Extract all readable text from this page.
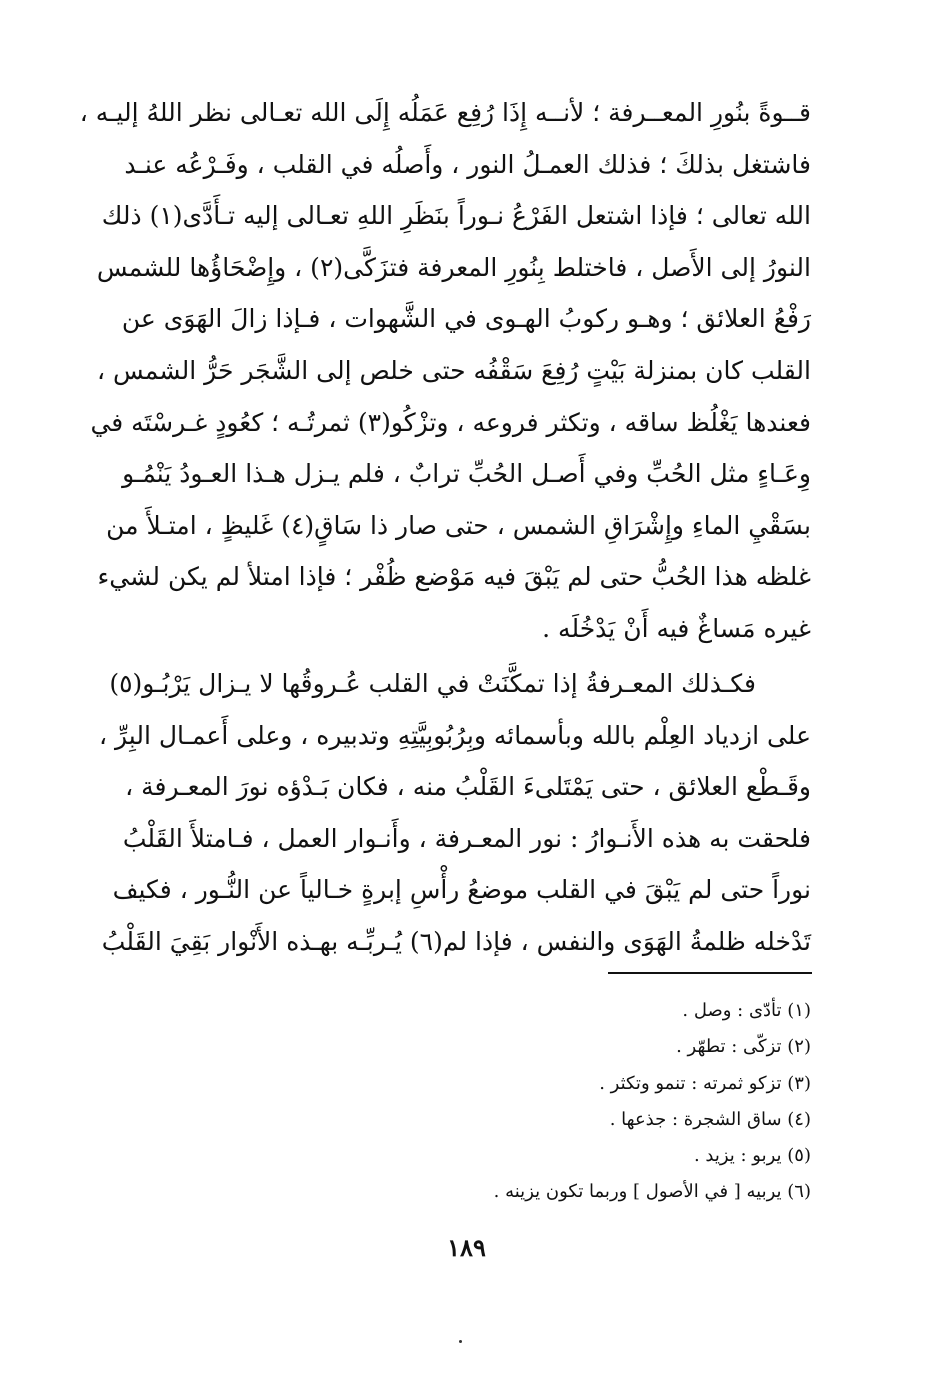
قــوةً بنُورِ المعــرفة ؛ لأنــه إِذَا رُفِع عَمَلُه إِلَى الله تعـالى نظر اللهُ إليـه ،
فاشتغل بذلكَ ؛ فذلك العمـلُ النور ، وأَصلُه في القلب ، وفَـرْعُه عنـد
الله تعالى ؛ فإذا اشتعل الفَرْعُ نـوراً بنَظَرِ اللهِ تعـالى إليه تـأَدَّى(١) ذلك
النورُ إلى الأَصل ، فاختلط بِنُورِ المعرفة فتزَكَّى(٢) ، وإِضْحَاؤُها للشمس
رَفْعُ العلائق ؛ وهـو ركوبُ الهـوى في الشَّهوات ، فـإذا زالَ الهَوَى عن
القلب كان بمنزلة بَيْتٍ رُفِعَ سَقْفُه حتى خلص إلى الشَّجَر حَرُّ الشمس ،
فعندها يَغْلُظ ساقه ، وتكثر فروعه ، وتزْكُو(٣) ثمرتُـه ؛ كعُودٍ غـرسْتَه في
وِعَـاءٍ مثل الحُبِّ وفي أَصـل الحُبِّ ترابٌ ، فلم يـزل هـذا العـودُ يَنْمُـو
بسَقْيِ الماءِ وإِشْرَاقِ الشمس ، حتى صار ذا سَاقٍ(٤) غَليظٍ ، امتـلأَ من
غلظه هذا الحُبُّ حتى لم يَبْقَ فيه مَوْضع ظُفْر ؛ فإذا امتلأ لم يكن لشيء
غيره مَساغٌ فيه أَنْ يَدْخُلَه .
فكـذلك المعـرفةُ إذا تمكَّنَتْ في القلب عُـروقُها لا يـزال يَرْبُـو(٥)
على ازدياد العِلْم بالله وبأسمائه وبِرُبُوبِيَّتِهِ وتدبيره ، وعلى أَعمـال البِرِّ ،
وقَـطْع العلائق ، حتى يَمْتَلىءَ القَلْبُ منه ، فكان بَـدْؤه نورَ المعـرفة ،
فلحقت به هذه الأَنـوارُ : نور المعـرفة ، وأَنـوار العمل ، فـامتلأَ القَلْبُ
نوراً حتى لم يَبْقَ في القلب موضعُ رأْسِ إبرةٍ خـالياً عن النُّـور ، فكيف
تَدْخله ظلمةُ الهَوَى والنفس ، فإذا لم(٦) يُـربِّـه بهـذه الأَنْوار بَقِيَ القَلْبُ
(١) تأدّى : وصل .
(٢) تزكّى : تطهّر .
(٣) تزكو ثمرته : تنمو وتكثر .
(٤) ساق الشجرة : جذعها .
(٥) يربو : يزيد .
(٦) يربيه [ في الأصول ] وربما تكون يزينه .
١٨٩
